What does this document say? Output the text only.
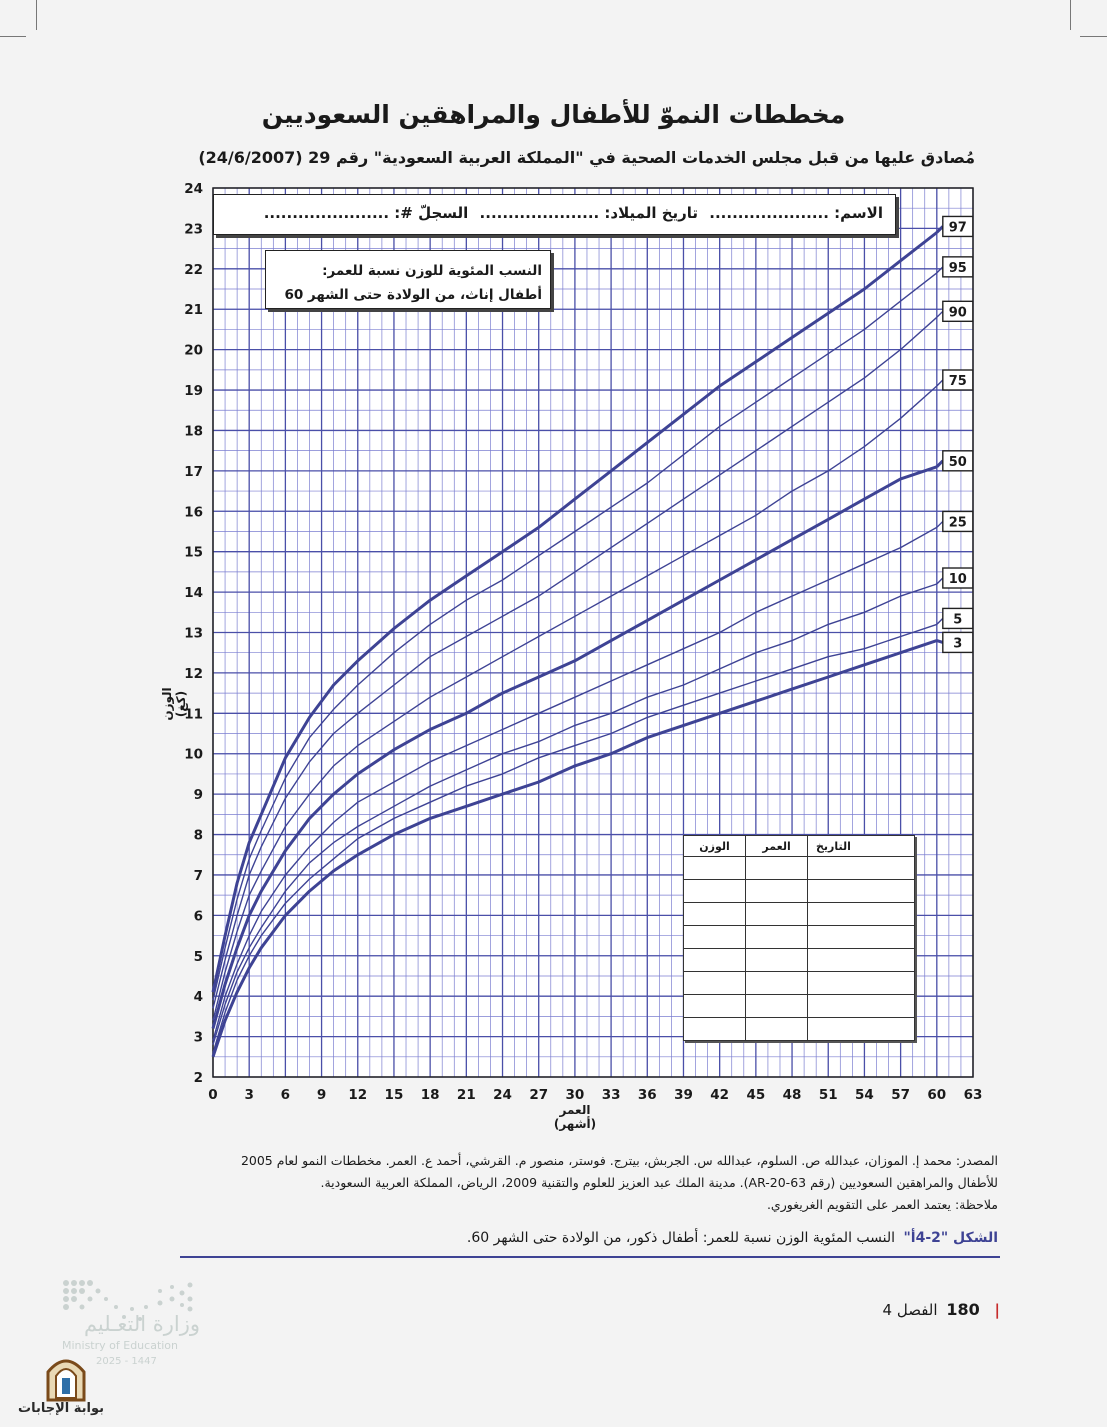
مخططات النموّ للأطفال والمراهقين السعوديين
مُصادق عليها من قبل مجلس الخدمات الصحية في "المملكة العربية السعودية" رقم 29 (24/6/2007)
0 3 6 9 12 15 18 21 24 27 30 33 36 39 42 45 48 51 54 57 60 63
2
3
4
5
6
7
8
9
10
11
12
13
14
15
16
17
18
19
20
21
22
23
24
97
95
90
75
50
25
10
5
3
الوزن (كغ)
العمر (أشهر)
الاسم: ..................... تاريخ الميلاد: ..................... السجلّ #: ......................
النسب المئوية للوزن نسبة للعمر:
أطفال إناث، من الولادة حتى الشهر 60
التاريخ	العمر	الوزن

المصدر: محمد إ. الموزان، عبدالله ص. السلوم، عبدالله س. الجربش، بيترج. فوستر، منصور م. القرشي، أحمد ع. العمر. مخططات النمو لعام 2005
للأطفال والمراهقين السعوديين (رقم AR-20-63). مدينة الملك عبد العزيز للعلوم والتقنية 2009، الرياض، المملكة العربية السعودية.
ملاحظة: يعتمد العمر على التقويم الغريغوري.
الشكل "2-4أ" النسب المئوية الوزن نسبة للعمر: أطفال ذكور، من الولادة حتى الشهر 60.
| 180 الفصل 4
وزارة التعـليم
Ministry of Education
2025 - 1447
بوابة الإجابات
